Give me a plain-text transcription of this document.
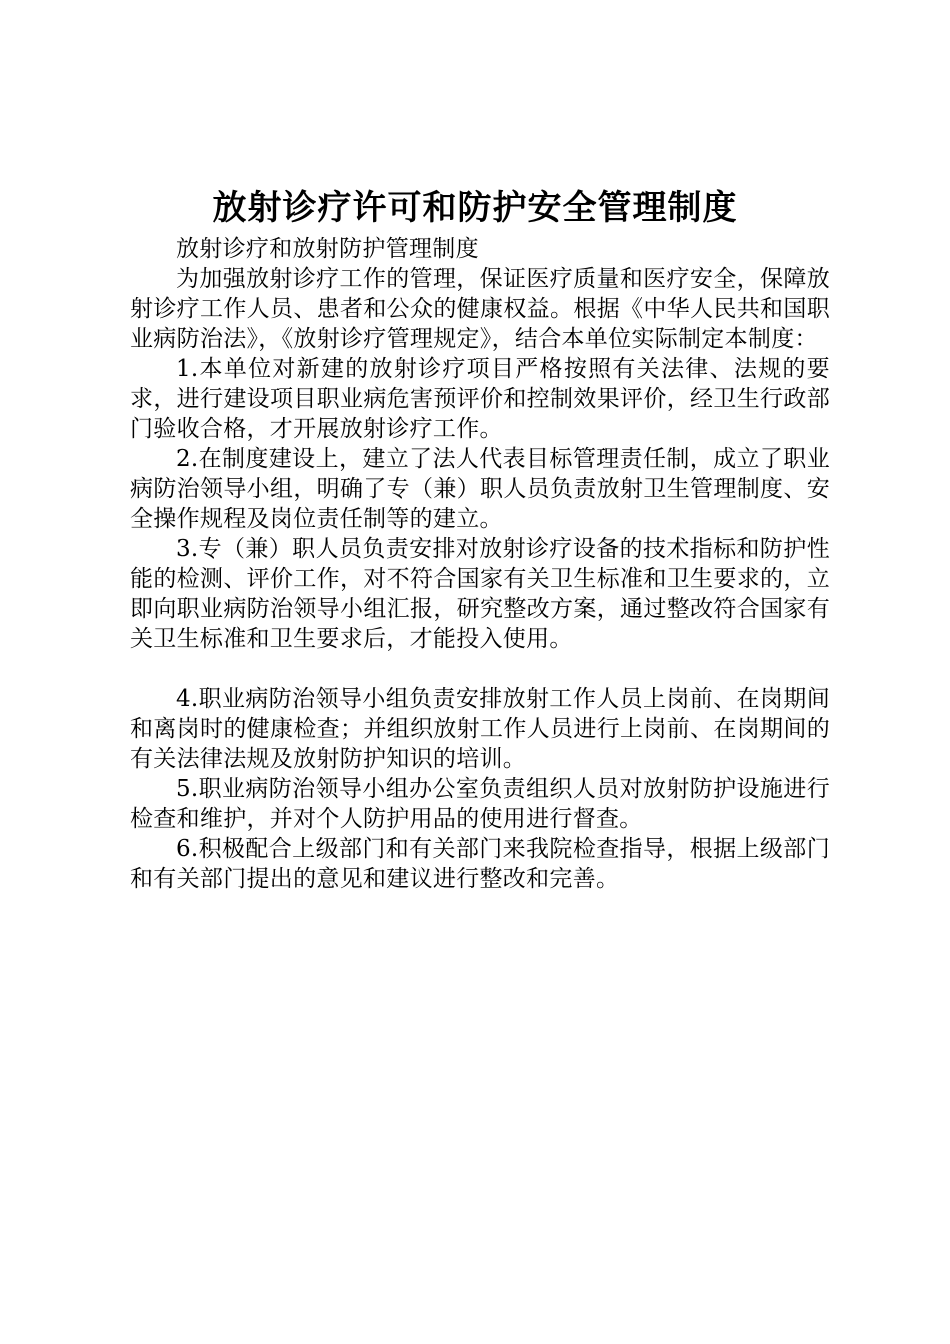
放射诊疗许可和防护安全管理制度

放射诊疗和放射防护管理制度

为加强放射诊疗工作的管理，保证医疗质量和医疗安全，保障放射诊疗工作人员、患者和公众的健康权益。根据《中华人民共和国职业病防治法》，《放射诊疗管理规定》，结合本单位实际制定本制度：

1.本单位对新建的放射诊疗项目严格按照有关法律、法规的要求，进行建设项目职业病危害预评价和控制效果评价，经卫生行政部门验收合格，才开展放射诊疗工作。

2.在制度建设上，建立了法人代表目标管理责任制，成立了职业病防治领导小组，明确了专（兼）职人员负责放射卫生管理制度、安全操作规程及岗位责任制等的建立。

3.专（兼）职人员负责安排对放射诊疗设备的技术指标和防护性能的检测、评价工作，对不符合国家有关卫生标准和卫生要求的，立即向职业病防治领导小组汇报，研究整改方案，通过整改符合国家有关卫生标准和卫生要求后，才能投入使用。

4.职业病防治领导小组负责安排放射工作人员上岗前、在岗期间和离岗时的健康检查；并组织放射工作人员进行上岗前、在岗期间的有关法律法规及放射防护知识的培训。

5.职业病防治领导小组办公室负责组织人员对放射防护设施进行检查和维护，并对个人防护用品的使用进行督查。

6.积极配合上级部门和有关部门来我院检查指导，根据上级部门和有关部门提出的意见和建议进行整改和完善。
